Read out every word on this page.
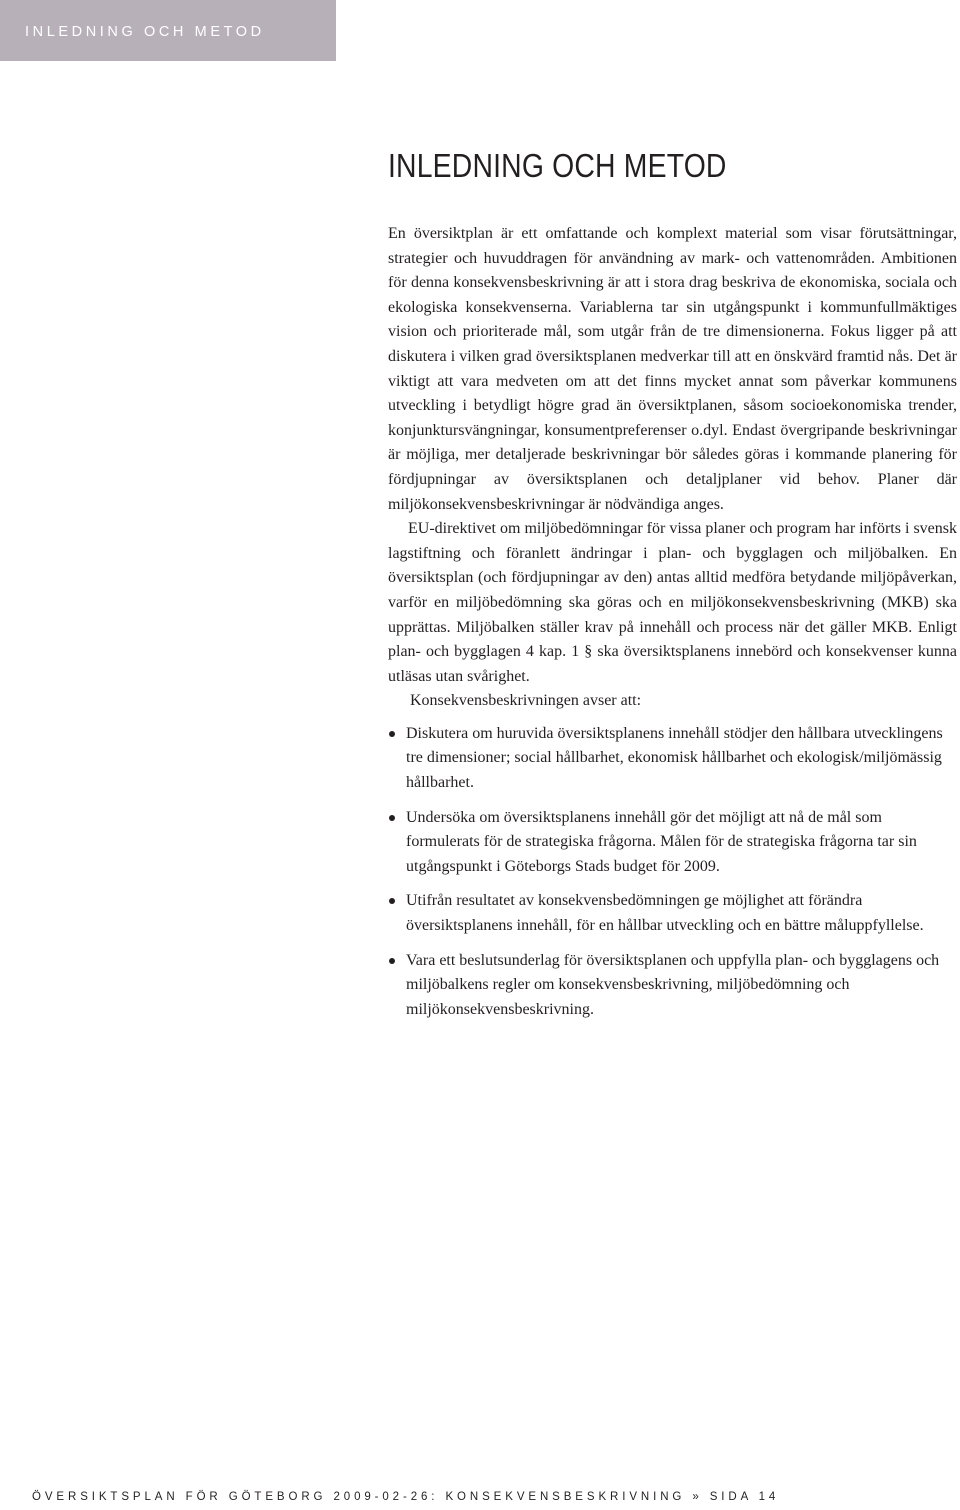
INLEDNING OCH METOD
INLEDNING OCH METOD

En översiktplan är ett omfattande och komplext material som visar förutsättningar, strategier och huvuddragen för användning av mark- och vattenområden. Ambitionen för denna konsekvensbeskrivning är att i stora drag beskriva de ekonomiska, sociala och ekologiska konsekvenserna. Variablerna tar sin utgångspunkt i kommunfullmäktiges vision och prioriterade mål, som utgår från de tre dimensionerna. Fokus ligger på att diskutera i vilken grad översiktsplanen medverkar till att en önskvärd framtid nås. Det är viktigt att vara medveten om att det finns mycket annat som påverkar kommunens utveckling i betydligt högre grad än översiktplanen, såsom socioekonomiska trender, konjunktursvängningar, konsumentpreferenser o.dyl. Endast övergripande beskrivningar är möjliga, mer detaljerade beskrivningar bör således göras i kommande planering för fördjupningar av översiktsplanen och detaljplaner vid behov. Planer där miljökonsekvensbeskrivningar är nödvändiga anges.

EU-direktivet om miljöbedömningar för vissa planer och program har införts i svensk lagstiftning och föranlett ändringar i plan- och bygglagen och miljöbalken. En översiktsplan (och fördjupningar av den) antas alltid medföra betydande miljöpåverkan, varför en miljöbedömning ska göras och en miljökonsekvensbeskrivning (MKB) ska upprättas. Miljöbalken ställer krav på innehåll och process när det gäller MKB. Enligt plan- och bygglagen 4 kap. 1 § ska översiktsplanens innebörd och konsekvenser kunna utläsas utan svårighet.

Konsekvensbeskrivningen avser att:

Diskutera om huruvida översiktsplanens innehåll stödjer den hållbara utvecklingens tre dimensioner; social hållbarhet, ekonomisk hållbarhet och ekologisk/miljömässig hållbarhet.
Undersöka om översiktsplanens innehåll gör det möjligt att nå de mål som formulerats för de strategiska frågorna. Målen för de strategiska frågorna tar sin utgångspunkt i Göteborgs Stads budget för 2009.
Utifrån resultatet av konsekvensbedömningen ge möjlighet att förändra översiktsplanens innehåll, för en hållbar utveckling och en bättre måluppfyllelse.
Vara ett beslutsunderlag för översiktsplanen och uppfylla plan- och bygglagens och miljöbalkens regler om konsekvensbeskrivning, miljöbedömning och miljökonsekvensbeskrivning.
ÖVERSIKTSPLAN FÖR GÖTEBORG 2009-02-26: KONSEKVENSBESKRIVNING » SIDA 14
